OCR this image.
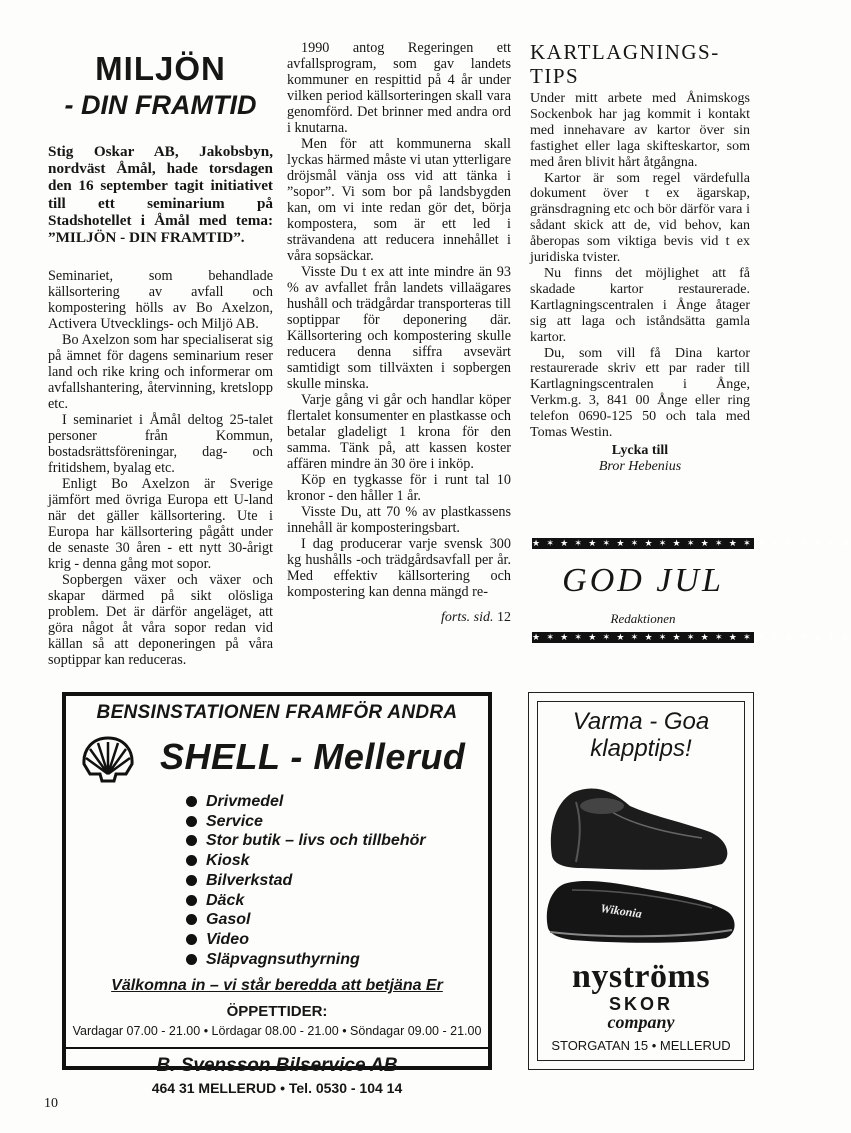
MILJÖN
- DIN FRAMTID

Stig Oskar AB, Jakobsbyn, nordväst Åmål, hade torsdagen den 16 september tagit initiativet till ett seminarium på Stadshotellet i Åmål med tema: ”MILJÖN - DIN FRAMTID”.

Seminariet, som behandlade källsortering av avfall och kompostering hölls av Bo Axelzon, Activera Utvecklings- och Miljö AB.

Bo Axelzon som har specialiserat sig på ämnet för dagens seminarium reser land och rike kring och informerar om avfallshantering, återvinning, kretslopp etc.

I seminariet i Åmål deltog 25-talet personer från Kommun, bostadsrättsföreningar, dag- och fritidshem, byalag etc.

Enligt Bo Axelzon är Sverige jämfört med övriga Europa ett U-land när det gäller källsortering. Ute i Europa har källsortering pågått under de senaste 30 åren - ett nytt 30-årigt krig - denna gång mot sopor.

Sopbergen växer och växer och skapar därmed på sikt olösliga problem. Det är därför angeläget, att göra något åt våra sopor redan vid källan så att deponeringen på våra soptippar kan reduceras.

1990 antog Regeringen ett avfallsprogram, som gav landets kommuner en respittid på 4 år under vilken period källsorteringen skall vara genomförd. Det brinner med andra ord i knutarna.

Men för att kommunerna skall lyckas härmed måste vi utan ytterligare dröjsmål vänja oss vid att tänka i ”sopor”. Vi som bor på landsbygden kan, om vi inte redan gör det, börja kompostera, som är ett led i strävandena att reducera innehållet i våra sopsäckar.

Visste Du t ex att inte mindre än 93 % av avfallet från landets villaägares hushåll och trädgårdar transporteras till soptippar för deponering där. Källsortering och kompostering skulle reducera denna siffra avsevärt samtidigt som tillväxten i sopbergen skulle minska.

Varje gång vi går och handlar köper flertalet konsumenter en plastkasse och betalar gladeligt 1 krona för den samma. Tänk på, att kassen koster affären mindre än 30 öre i inköp.

Köp en tygkasse för i runt tal 10 kronor - den håller 1 år.

Visste Du, att 70 % av plastkassens innehåll är komposteringsbart.

I dag producerar varje svensk 300 kg hushålls -och trädgårdsavfall per år. Med effektiv källsortering och kompostering kan denna mängd re-

forts. sid. 12
KARTLAGNINGS-TIPS

Under mitt arbete med Ånimskogs Sockenbok har jag kommit i kontakt med innehavare av kartor över sin fastighet eller laga skifteskartor, som med åren blivit hårt åtgångna.

Kartor är som regel värdefulla dokument över t ex ägarskap, gränsdragning etc och bör därför vara i sådant skick att de, vid behov, kan åberopas som viktiga bevis vid t ex juridiska tvister.

Nu finns det möjlighet att få skadade kartor restaurerade. Kartlagningscentralen i Ånge åtager sig att laga och iståndsätta gamla kartor.

Du, som vill få Dina kartor restaurerade skriv ett par rader till Kartlagningscentralen i Ånge, Verkm.g. 3, 841 00 Ånge eller ring telefon 0690-125 50 och tala med Tomas Westin.

Lycka till
Bror Hebenius
★ ✶ ★ ✶ ★ ✶ ★ ✶ ★ ✶ ★ ✶ ★ ✶ ★ ✶ ★ ✶ ★ ✶ ★ ✶ ★
GOD JUL
Redaktionen
★ ✶ ★ ✶ ★ ✶ ★ ✶ ★ ✶ ★ ✶ ★ ✶ ★ ✶ ★ ✶ ★ ✶ ★ ✶ ★
BENSINSTATIONEN FRAMFÖR ANDRA
SHELL - Mellerud
Drivmedel
Service
Stor butik – livs och tillbehör
Kiosk
Bilverkstad
Däck
Gasol
Video
Släpvagnsuthyrning
Välkomna in – vi står beredda att betjäna Er
ÖPPETTIDER:
Vardagar 07.00 - 21.00 • Lördagar 08.00 - 21.00 • Söndagar 09.00 - 21.00
B. Svensson Bilservice AB
464 31 MELLERUD • Tel. 0530 - 104 14
Varma - Goa klapptips!
Wikonia
nyströms
SKOR
company
STORGATAN 15 • MELLERUD
10
